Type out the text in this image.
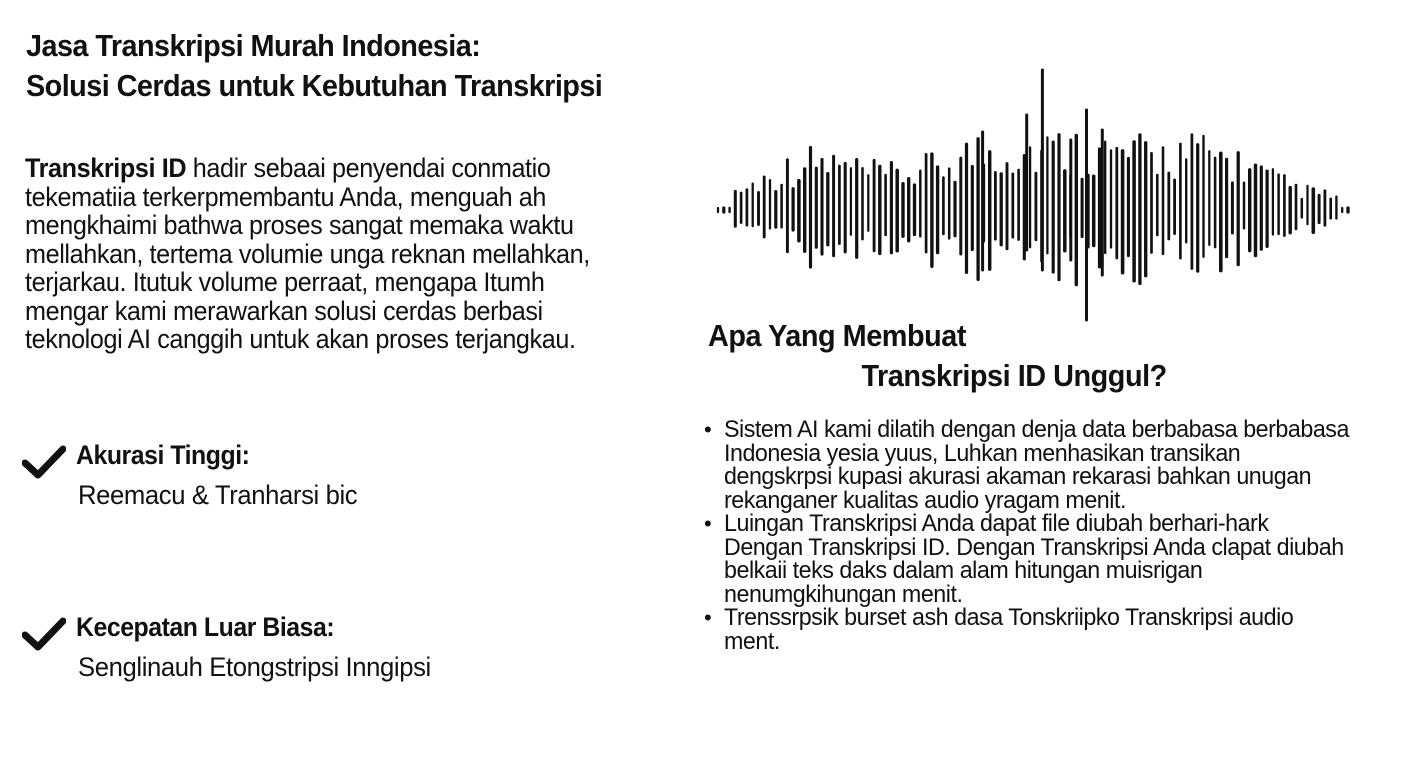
Jasa Transkripsi Murah Indonesia:
Solusi Cerdas untuk Kebutuhan Transkripsi

Transkripsi ID hadir sebaai penyendai conmatio tekematiia terkerpmembantu Anda, menguah ah mengkhaimi bathwa proses sangat memaka waktu mellahkan, tertema volumie unga reknan mellahkan, terjarkau. Itutuk volume perraat, mengapa Itumh mengar kami merawarkan solusi cerdas berbasi teknologi AI canggih untuk akan proses terjangkau.

Akurasi Tinggi:
Reemacu & Tranharsi bic
Kecepatan Luar Biasa:
Senglinauh Etongstripsi Inngipsi
Apa Yang Membuat
Transkripsi ID Unggul?
• Sistem AI kami dilatih dengan denja data berbabasa berbabasa Indonesia yesia yuus, Luhkan menhasikan transikan dengskrpsi kupasi akurasi akaman rekarasi bahkan unugan rekanganer kualitas audio yragam menit.
• Luingan Transkripsi Anda dapat file diubah berhari-hark Dengan Transkripsi ID. Dengan Transkripsi Anda clapat diubah belkaii teks daks dalam alam hitungan muisrigan nenumgkihungan menit.
• Trenssrpsik burset ash dasa Tonskriipko Transkripsi audio ment.
